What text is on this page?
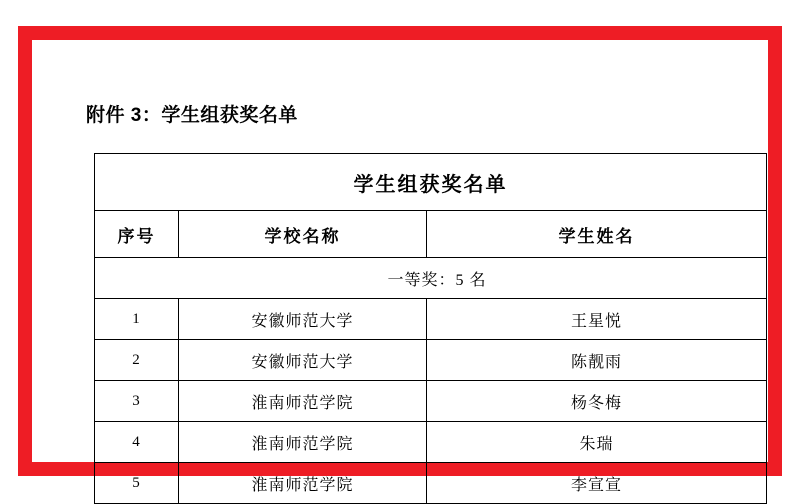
附件 3：学生组获奖名单
学生组获奖名单		
序号	学校名称	学生姓名
一等奖：5 名		
1	安徽师范大学	王星悦
2	安徽师范大学	陈靓雨
3	淮南师范学院	杨冬梅
4	淮南师范学院	朱瑞
5	淮南师范学院	李宣宣
